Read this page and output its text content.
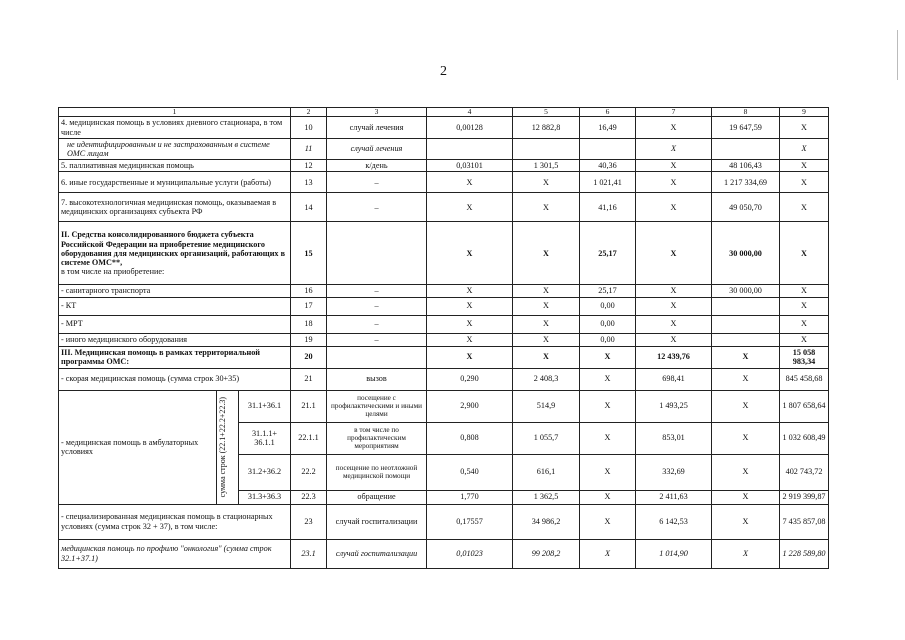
2
1			2	3	4	5	6	7	8	9	
4. медицинская помощь в условиях дневного стационара, в том числе			10	случай лечения	0,00128	12 882,8	16,49	Х	19 647,59	Х	
не идентифицированным и не застрахованным в системе ОМС лицам			11	случай лечения				Х		Х	
5. паллиативная медицинская помощь			12	к/день	0,03101	1 301,5	40,36	Х	48 106,43	Х	
6. иные государственные и муниципальные услуги (работы)			13	–	Х	Х	1 021,41	Х	1 217 334,69	Х	
7. высокотехнологичная медицинская помощь, оказываемая в медицинских организациях субъекта РФ			14	–	Х	Х	41,16	Х	49 050,70	Х	
II. Средства консолидированного бюджета субъекта Российской Федерации на приобретение медицинского оборудования для медицинских организаций, работающих в системе ОМС**,
в том числе на приобретение:			15		Х	Х	25,17	Х	30 000,00	Х	
- санитарного транспорта			16	–	Х	Х	25,17	Х	30 000,00	Х	
- КТ			17	–	Х	Х	0,00	Х		Х	
- МРТ			18	–	Х	Х	0,00	Х		Х	
- иного медицинского оборудования			19	–	Х	Х	0,00	Х		Х	
III. Медицинская помощь в рамках территориальной программы ОМС:			20		Х	Х	Х	12 439,76	Х	15 058 983,34	
- скорая медицинская помощь (сумма строк 30+35)			21	вызов	0,290	2 408,3	Х	698,41	Х	845 458,68	
- медицинская помощь в амбулаторных условиях	сумма строк (22.1+22.2+22.3)	31.1+36.1	21.1	посещение с профилактическими и иными целями	2,900	514,9	Х	1 493,25	Х	1 807 658,64	
		31.1.1+ 36.1.1	22.1.1	в том числе по профилактическим мероприятиям	0,808	1 055,7	Х	853,01	Х	1 032 608,49	
		31.2+36.2	22.2	посещение по неотложной медицинской помощи	0,540	616,1	Х	332,69	Х	402 743,72	
		31.3+36.3	22.3	обращение	1,770	1 362,5	Х	2 411,63	Х	2 919 399,87	
- специализированная медицинская помощь в стационарных условиях (сумма строк 32 + 37), в том числе:			23	случай госпитализации	0,17557	34 986,2	Х	6 142,53	Х	7 435 857,08	
медицинская помощь по профилю "онкология" (сумма строк 32.1+37.1)			23.1	случай госпитализации	0,01023	99 208,2	Х	1 014,90	Х	1 228 589,80	
